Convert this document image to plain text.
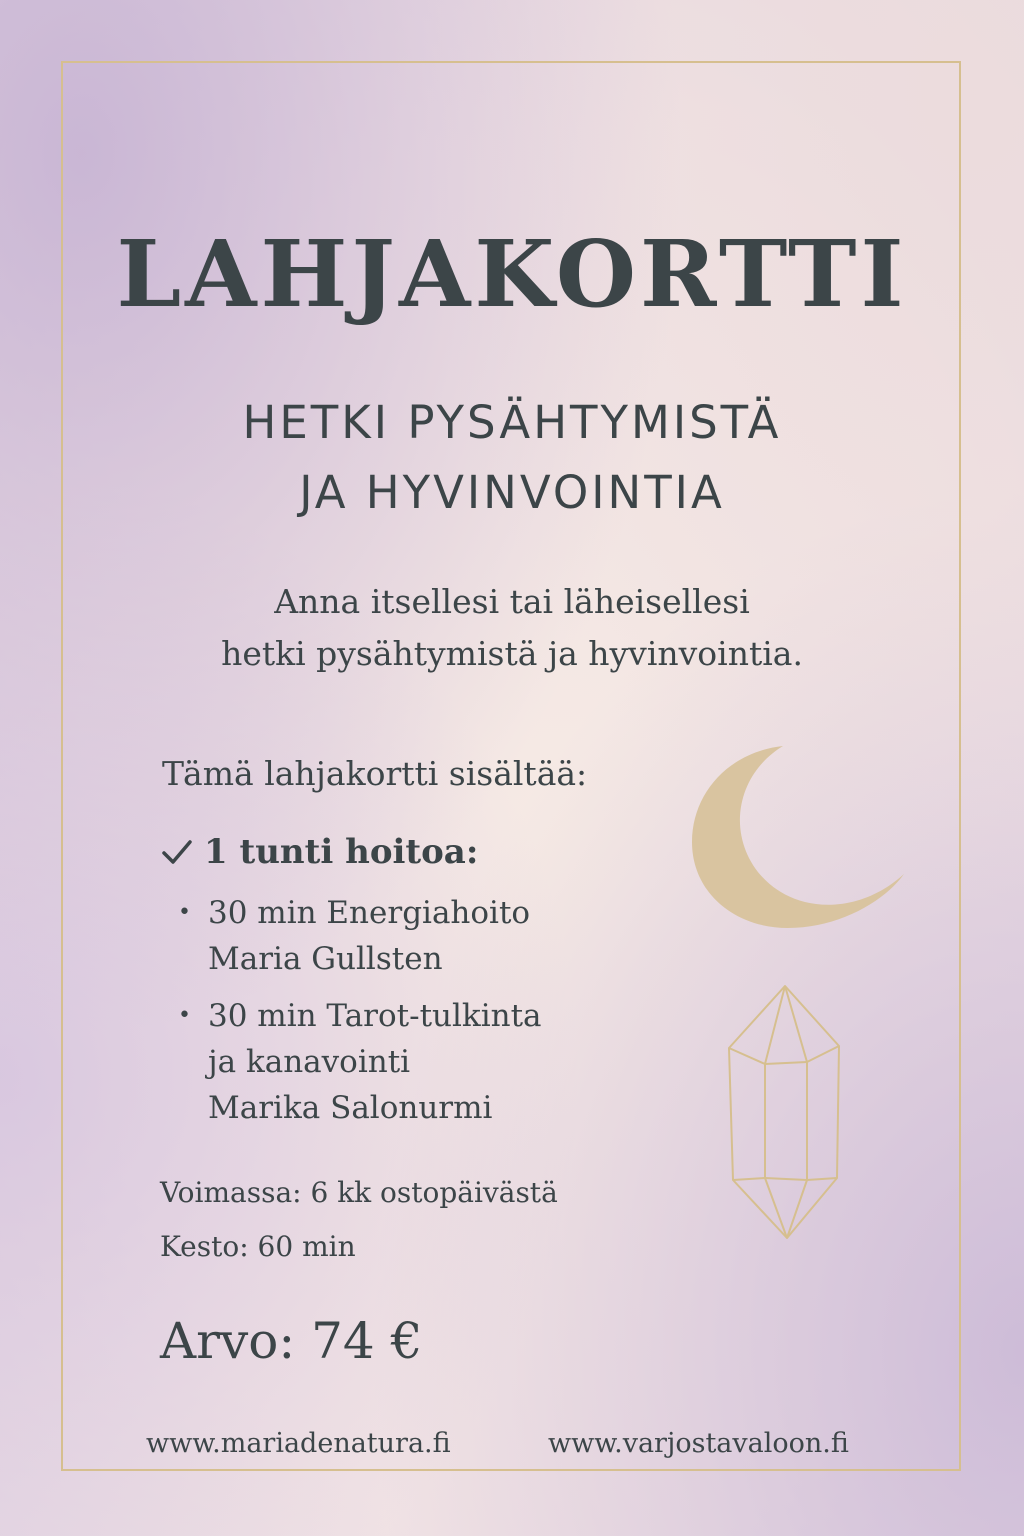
LAHJAKORTTI
HETKI PYSÄHTYMISTÄ
JA HYVINVOINTIA
Anna itsellesi tai läheisellesi
hetki pysähtymistä ja hyvinvointia.
Tämä lahjakortti sisältää:
1 tunti hoitoa:
• 30 min Energiahoito
Maria Gullsten
• 30 min Tarot-tulkinta
ja kanavointi
Marika Salonurmi
Voimassa: 6 kk ostopäivästä
Kesto: 60 min
Arvo: 74 €
www.mariadenatura.fi	www.varjostavaloon.fi
